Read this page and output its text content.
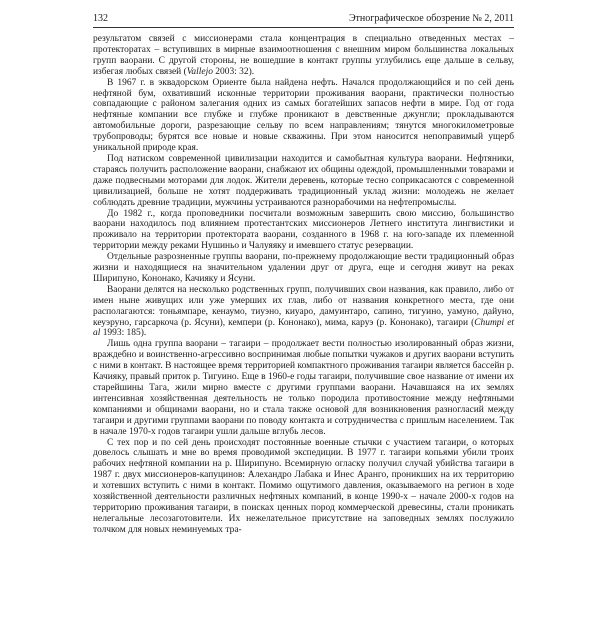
132	Этнографическое обозрение № 2, 2011

результатом связей с миссионерами стала концентрация в специально отведенных местах – протекторатах – вступивших в мирные взаимоотношения с внешним миром большинства локальных групп ваорани. С другой стороны, не вошедшие в контакт группы углубились еще дальше в сельву, избегая любых связей (Vallejo 2003: 32).

В 1967 г. в эквадорском Ориенте была найдена нефть. Начался продолжающийся и по сей день нефтяной бум, охвативший исконные территории проживания ваорани, практически полностью совпадающие с районом залегания одних из самых богатейших запасов нефти в мире. Год от года нефтяные компании все глубже и глубже проникают в девственные джунгли; прокладываются автомобильные дороги, разрезающие сельву по всем направлениям; тянутся многокилометровые трубопроводы; бурятся все новые и новые скважины. При этом наносится непоправимый ущерб уникальной природе края.

Под натиском современной цивилизации находится и самобытная культура ваорани. Нефтяники, стараясь получить расположение ваорани, снабжают их общины одеждой, промышленными товарами и даже подвесными моторами для лодок. Жители деревень, которые тесно соприкасаются с современной цивилизацией, больше не хотят поддерживать традиционный уклад жизни: молодежь не желает соблюдать древние традиции, мужчины устраиваются разнорабочими на нефтепромыслы.

До 1982 г., когда проповедники посчитали возможным завершить свою миссию, большинство ваорани находилось под влиянием протестантских миссионеров Летнего института лингвистики и проживало на территории протектората ваорани, созданного в 1968 г. на юго-западе их племенной территории между реками Нушиньо и Чалуяяку и имевшего статус резервации.

Отдельные разрозненные группы ваорани, по-прежнему продолжающие вести традиционный образ жизни и находящиеся на значительном удалении друг от друга, еще и сегодня живут на реках Ширипуно, Кононако, Качияку и Ясуни.

Ваорани делятся на несколько родственных групп, получивших свои названия, как правило, либо от имен ныне живущих или уже умерших их глав, либо от названия конкретного места, где они располагаются: тоньямпаре, кенаумо, тиуэно, киуаро, дамуинтаро, сапино, тигуино, уамуно, дайуно, кеуэруно, гарсаркоча (р. Ясуни), кемпери (р. Кононако), мима, каруэ (р. Кононако), тагаири (Chumpi et al 1993: 185).

Лишь одна группа ваорани – тагаири – продолжает вести полностью изолированный образ жизни, враждебно и воинственно-агрессивно воспринимая любые попытки чужаков и других ваорани вступить с ними в контакт. В настоящее время территорией компактного проживания тагаири является бассейн р. Качияку, правый приток р. Тигуино. Еще в 1960-е годы тагаири, получившие свое название от имени их старейшины Тага, жили мирно вместе с другими группами ваорани. Начавшаяся на их землях интенсивная хозяйственная деятельность не только породила противостояние между нефтяными компаниями и общинами ваорани, но и стала также основой для возникновения разногласий между тагаири и другими группами ваорани по поводу контакта и сотрудничества с пришлым населением. Так в начале 1970-х годов тагаири ушли дальше вглубь лесов.

С тех пор и по сей день происходят постоянные военные стычки с участием тагаири, о которых довелось слышать и мне во время проводимой экспедиции. В 1977 г. тагаири копьями убили троих рабочих нефтяной компании на р. Ширипуно. Всемирную огласку получил случай убийства тагаири в 1987 г. двух миссионеров-капуцинов: Алехандро Лабака и Инес Аранго, проникших на их территорию и хотевших вступить с ними в контакт. Помимо ощутимого давления, оказываемого на регион в ходе хозяйственной деятельности различных нефтяных компаний, в конце 1990-х – начале 2000-х годов на территорию проживания тагаири, в поисках ценных пород коммерческой древесины, стали проникать нелегальные лесозаготовители. Их нежелательное присутствие на заповедных землях послужило толчком для новых неминуемых тра-
